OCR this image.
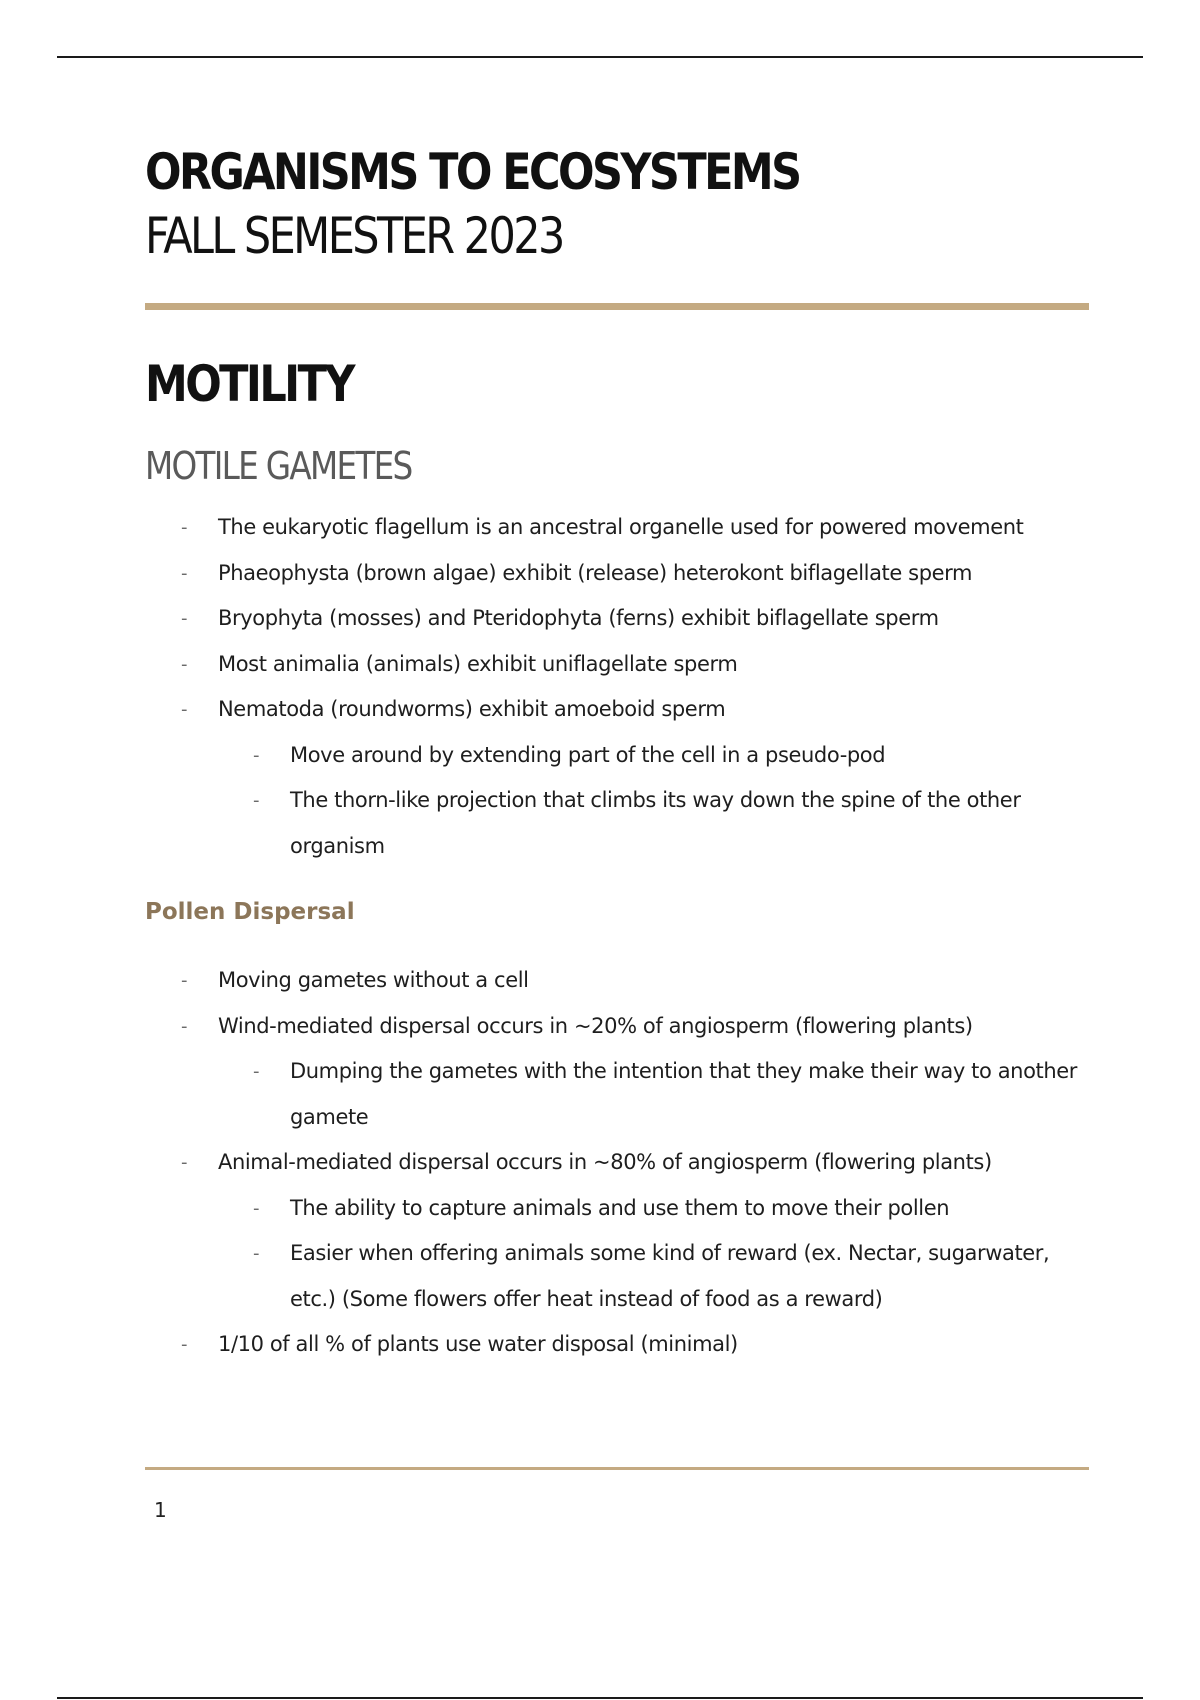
ORGANISMS TO ECOSYSTEMS
FALL SEMESTER 2023
MOTILITY
MOTILE GAMETES
- The eukaryotic flagellum is an ancestral organelle used for powered movement
- Phaeophysta (brown algae) exhibit (release) heterokont biflagellate sperm
- Bryophyta (mosses) and Pteridophyta (ferns) exhibit biflagellate sperm
- Most animalia (animals) exhibit uniflagellate sperm
- Nematoda (roundworms) exhibit amoeboid sperm
- Move around by extending part of the cell in a pseudo-pod
- The thorn-like projection that climbs its way down the spine of the other organism
Pollen Dispersal
- Moving gametes without a cell
- Wind-mediated dispersal occurs in ~20% of angiosperm (flowering plants)
- Dumping the gametes with the intention that they make their way to another gamete
- Animal-mediated dispersal occurs in ~80% of angiosperm (flowering plants)
- The ability to capture animals and use them to move their pollen
- Easier when offering animals some kind of reward (ex. Nectar, sugarwater, etc.) (Some flowers offer heat instead of food as a reward)
- 1/10 of all % of plants use water disposal (minimal)
1
